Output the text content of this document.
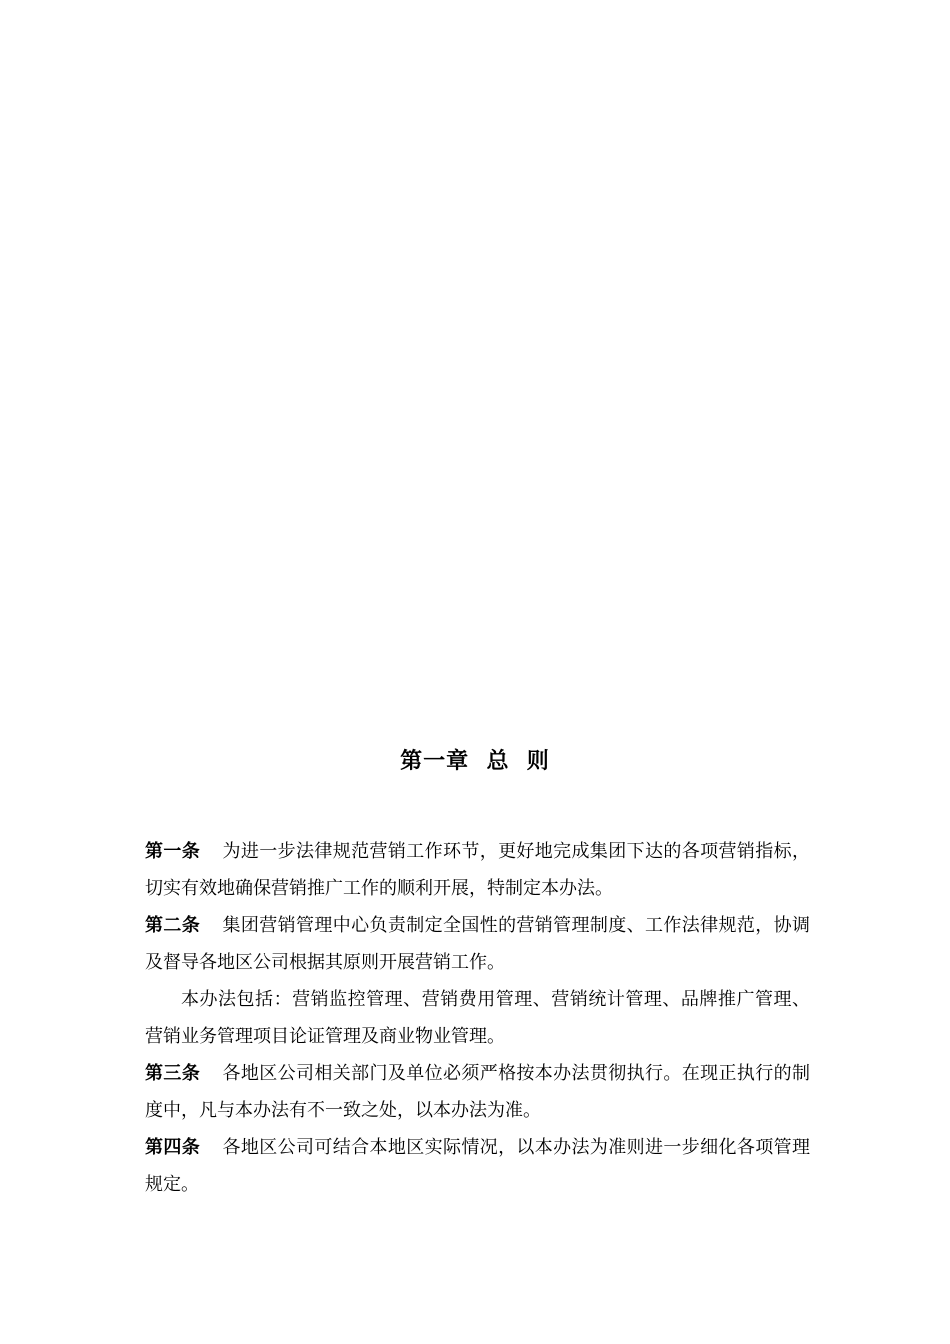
第一章  总  则

第一条 为进一步法律规范营销工作环节，更好地完成集团下达的各项营销指标，切实有效地确保营销推广工作的顺利开展，特制定本办法。

第二条 集团营销管理中心负责制定全国性的营销管理制度、工作法律规范，协调及督导各地区公司根据其原则开展营销工作。

本办法包括：营销监控管理、营销费用管理、营销统计管理、品牌推广管理、营销业务管理项目论证管理及商业物业管理。

第三条 各地区公司相关部门及单位必须严格按本办法贯彻执行。在现正执行的制度中，凡与本办法有不一致之处，以本办法为准。

第四条 各地区公司可结合本地区实际情况，以本办法为准则进一步细化各项管理规定。
